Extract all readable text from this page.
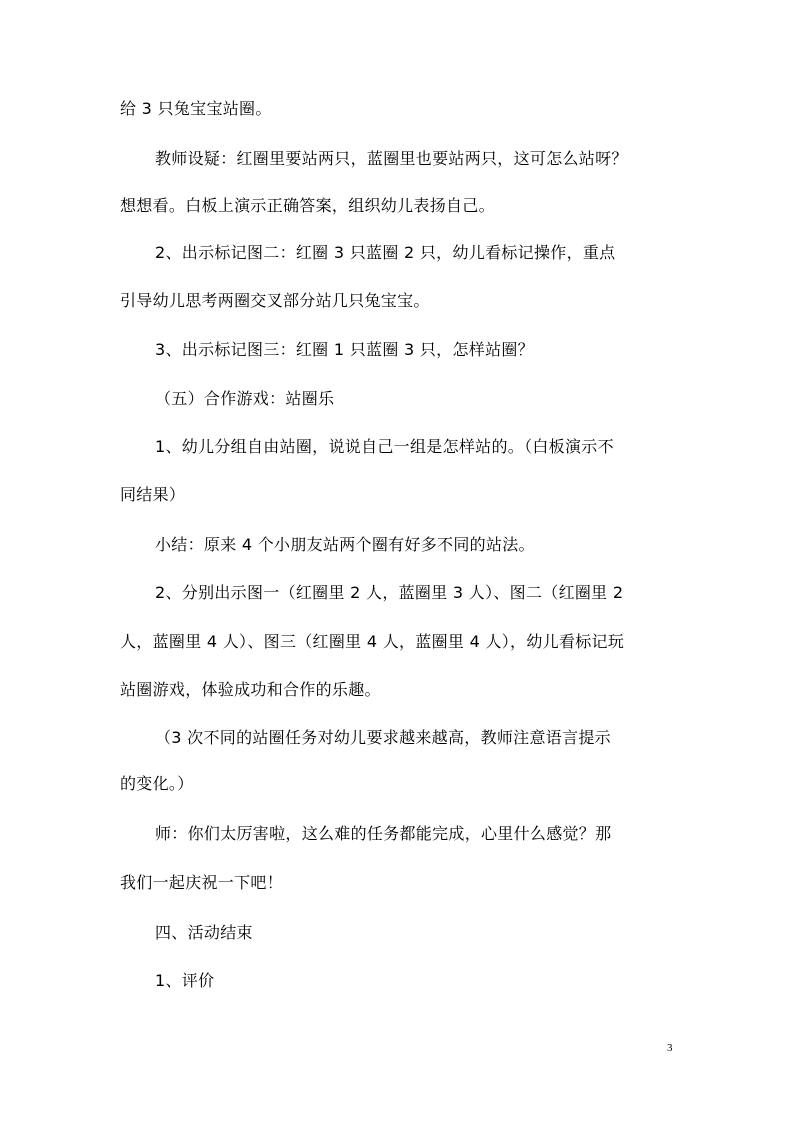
给 3 只兔宝宝站圈。
教师设疑：红圈里要站两只，蓝圈里也要站两只，这可怎么站呀？
想想看。白板上演示正确答案，组织幼儿表扬自己。
2、出示标记图二：红圈 3 只蓝圈 2 只，幼儿看标记操作，重点
引导幼儿思考两圈交叉部分站几只兔宝宝。
3、出示标记图三：红圈 1 只蓝圈 3 只，怎样站圈？
（五）合作游戏：站圈乐
1、幼儿分组自由站圈，说说自己一组是怎样站的。（白板演示不
同结果）
小结：原来 4 个小朋友站两个圈有好多不同的站法。
2、分别出示图一（红圈里 2 人，蓝圈里 3 人）、图二（红圈里 2
人，蓝圈里 4 人）、图三（红圈里 4 人，蓝圈里 4 人），幼儿看标记玩
站圈游戏，体验成功和合作的乐趣。
（3 次不同的站圈任务对幼儿要求越来越高，教师注意语言提示
的变化。）
师：你们太厉害啦，这么难的任务都能完成，心里什么感觉？那
我们一起庆祝一下吧！
四、活动结束
1、评价
3
